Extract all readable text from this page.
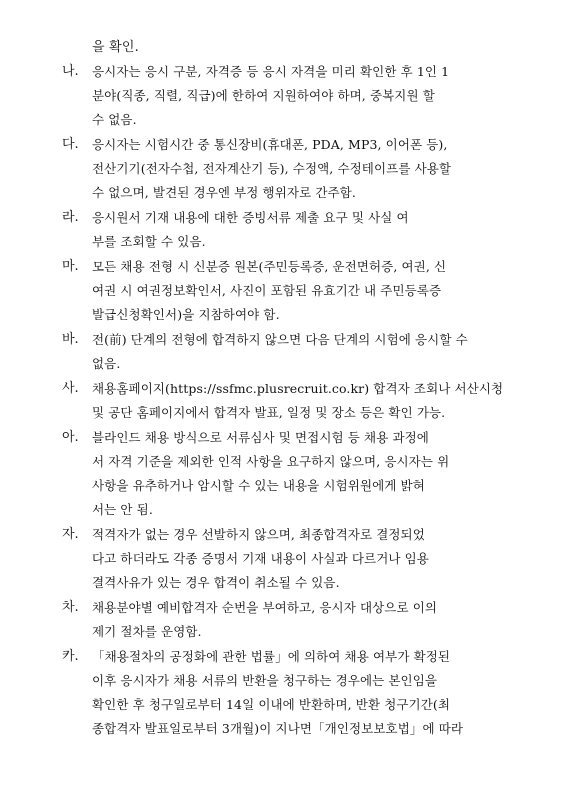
을 확인.
나.	응시자는 응시 구분, 자격증 등 응시 자격을 미리 확인한 후 1인 1
분야(직종, 직렬, 직급)에 한하여 지원하여야 하며, 중복지원 할
수 없음.
다.	응시자는 시험시간 중 통신장비(휴대폰, PDA, MP3, 이어폰 등),
전산기기(전자수첩, 전자계산기 등), 수정액, 수정테이프를 사용할
수 없으며, 발견된 경우엔 부정 행위자로 간주함.
라.	응시원서 기재 내용에 대한 증빙서류 제출 요구 및 사실 여
부를 조회할 수 있음.
마.	모든 채용 전형 시 신분증 원본(주민등록증, 운전면허증, 여권, 신
여권 시 여권정보확인서, 사진이 포함된 유효기간 내 주민등록증
발급신청확인서)을 지참하여야 함.
바.	전(前) 단계의 전형에 합격하지 않으면 다음 단계의 시험에 응시할 수
없음.
사.	채용홈페이지(https://ssfmc.plusrecruit.co.kr) 합격자 조회나 서산시청
및 공단 홈페이지에서 합격자 발표, 일정 및 장소 등은 확인 가능.
아.	블라인드 채용 방식으로 서류심사 및 면접시험 등 채용 과정에
서 자격 기준을 제외한 인적 사항을 요구하지 않으며, 응시자는 위
사항을 유추하거나 암시할 수 있는 내용을 시험위원에게 밝혀
서는 안 됨.
자.	적격자가 없는 경우 선발하지 않으며, 최종합격자로 결정되었
다고 하더라도 각종 증명서 기재 내용이 사실과 다르거나 임용
결격사유가 있는 경우 합격이 취소될 수 있음.
차.	채용분야별 예비합격자 순번을 부여하고, 응시자 대상으로 이의
제기 절차를 운영함.
카.	「채용절차의 공정화에 관한 법률」에 의하여 채용 여부가 확정된
이후 응시자가 채용 서류의 반환을 청구하는 경우에는 본인임을
확인한 후 청구일로부터 14일 이내에 반환하며, 반환 청구기간(최
종합격자 발표일로부터 3개월)이 지나면「개인정보보호법」에 따라
